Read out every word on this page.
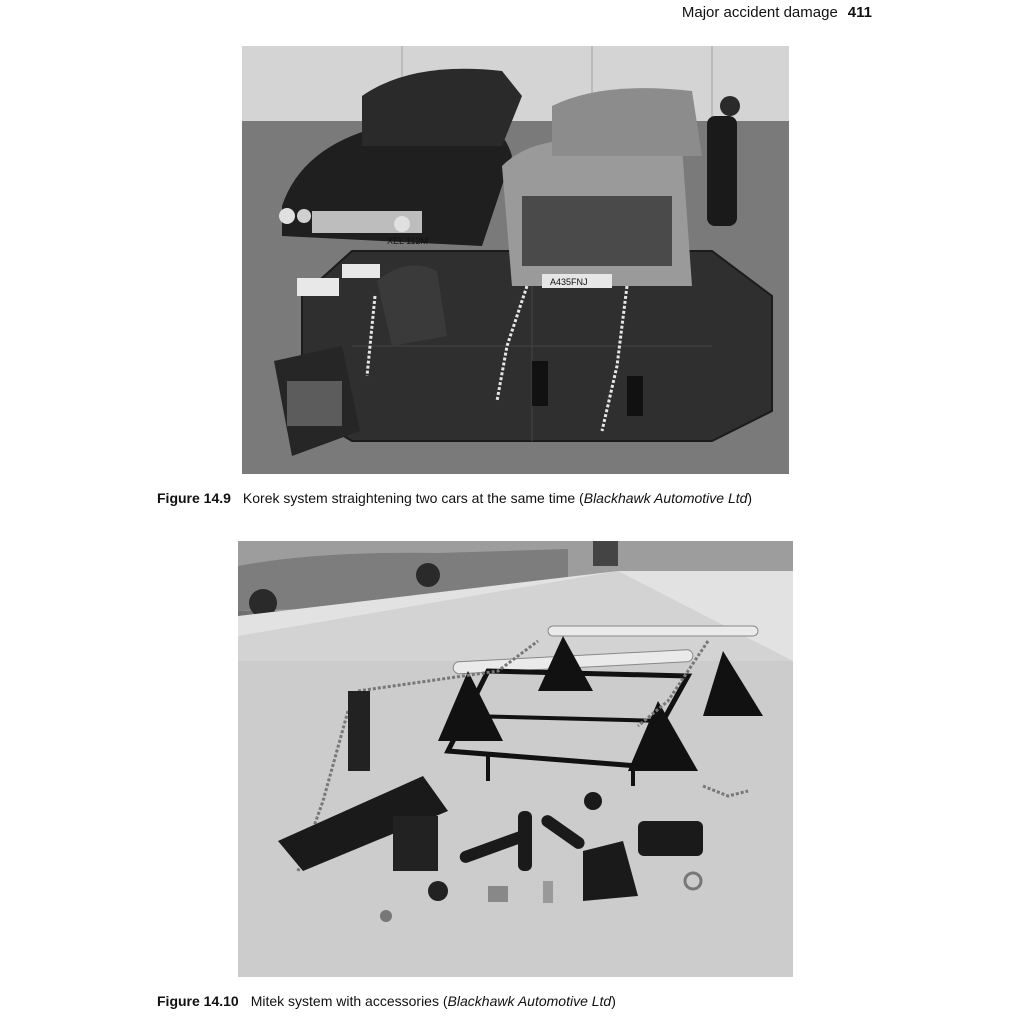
Major accident damage 411
XEL 112M
A435FNJ
Figure 14.9 Korek system straightening two cars at the same time (Blackhawk Automotive Ltd)
Figure 14.10 Mitek system with accessories (Blackhawk Automotive Ltd)
